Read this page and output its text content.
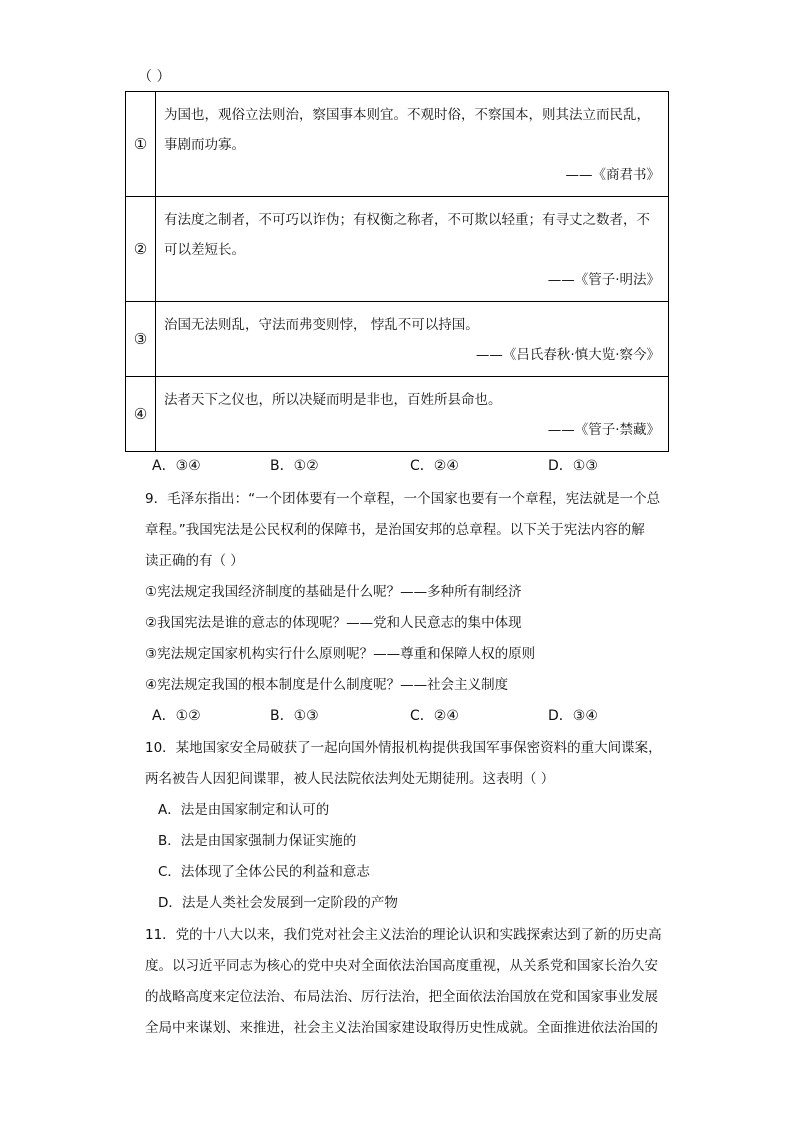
（ ）
①	为国也，观俗立法则治，察国事本则宜。不观时俗，不察国本，则其法立而民乱，
事剧而功寡。
——《商君书》

②	有法度之制者，不可巧以诈伪；有权衡之称者，不可欺以轻重；有寻丈之数者，不
可以差短长。
——《管子·明法》

③	治国无法则乱，守法而弗变则悖， 悖乱不可以持国。
——《吕氏春秋·慎大览·察今》

④	法者天下之仪也，所以决疑而明是非也，百姓所县命也。
——《管子·禁藏》
A．③④	B．①②	C．②④	D．①③
9．毛泽东指出：“一个团体要有一个章程，一个国家也要有一个章程，宪法就是一个总
章程。”我国宪法是公民权利的保障书，是治国安邦的总章程。以下关于宪法内容的解
读正确的有（ ）
①宪法规定我国经济制度的基础是什么呢？——多种所有制经济
②我国宪法是谁的意志的体现呢？——党和人民意志的集中体现
③宪法规定国家机构实行什么原则呢？——尊重和保障人权的原则
④宪法规定我国的根本制度是什么制度呢？——社会主义制度
A．①②	B．①③	C．②④	D．③④
10．某地国家安全局破获了一起向国外情报机构提供我国军事保密资料的重大间谍案，
两名被告人因犯间谍罪，被人民法院依法判处无期徒刑。这表明（ ）
A．法是由国家制定和认可的
B．法是由国家强制力保证实施的
C．法体现了全体公民的利益和意志
D．法是人类社会发展到一定阶段的产物
11．党的十八大以来，我们党对社会主义法治的理论认识和实践探索达到了新的历史高
度。以习近平同志为核心的党中央对全面依法治国高度重视，从关系党和国家长治久安
的战略高度来定位法治、布局法治、厉行法治，把全面依法治国放在党和国家事业发展
全局中来谋划、来推进，社会主义法治国家建设取得历史性成就。全面推进依法治国的
